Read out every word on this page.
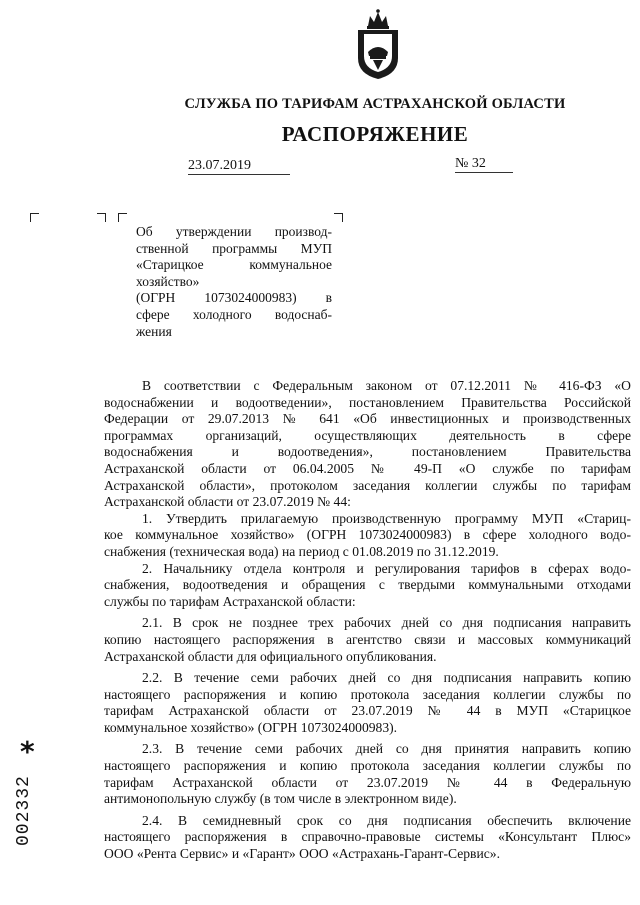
СЛУЖБА ПО ТАРИФАМ АСТРАХАНСКОЙ ОБЛАСТИ
РАСПОРЯЖЕНИЕ
23.07.2019	№ 32
Об утверждении производ-
ственной программы МУП
«Старицкое коммунальное
хозяйство»
(ОГРН 1073024000983) в
сфере холодного водоснаб-
жения
В соответствии с Федеральным законом от 07.12.2011 № 416-ФЗ «О
водоснабжении и водоотведении», постановлением Правительства Российской
Федерации от 29.07.2013 № 641 «Об инвестиционных и производственных
программах организаций, осуществляющих деятельность в сфере
водоснабжения и водоотведения», постановлением Правительства
Астраханской области от 06.04.2005 № 49-П «О службе по тарифам
Астраханской области», протоколом заседания коллегии службы по тарифам
Астраханской области от 23.07.2019 № 44:
1. Утвердить прилагаемую производственную программу МУП «Стариц-
кое коммунальное хозяйство» (ОГРН 1073024000983) в сфере холодного водо-
снабжения (техническая вода) на период с 01.08.2019 по 31.12.2019.
2. Начальнику отдела контроля и регулирования тарифов в сферах водо-
снабжения, водоотведения и обращения с твердыми коммунальными отходами
службы по тарифам Астраханской области:
2.1. В срок не позднее трех рабочих дней со дня подписания направить
копию настоящего распоряжения в агентство связи и массовых коммуникаций
Астраханской области для официального опубликования.
2.2. В течение семи рабочих дней со дня подписания направить копию
настоящего распоряжения и копию протокола заседания коллегии службы по
тарифам Астраханской области от 23.07.2019 № 44 в МУП «Старицкое
коммунальное хозяйство» (ОГРН 1073024000983).
2.3. В течение семи рабочих дней со дня принятия направить копию
настоящего распоряжения и копию протокола заседания коллегии службы по
тарифам Астраханской области от 23.07.2019 № 44 в Федеральную
антимонопольную службу (в том числе в электронном виде).
2.4. В семидневный срок со дня подписания обеспечить включение
настоящего распоряжения в справочно-правовые системы «Консультант Плюс»
ООО «Рента Сервис» и «Гарант» ООО «Астрахань-Гарант-Сервис».
002332
*
